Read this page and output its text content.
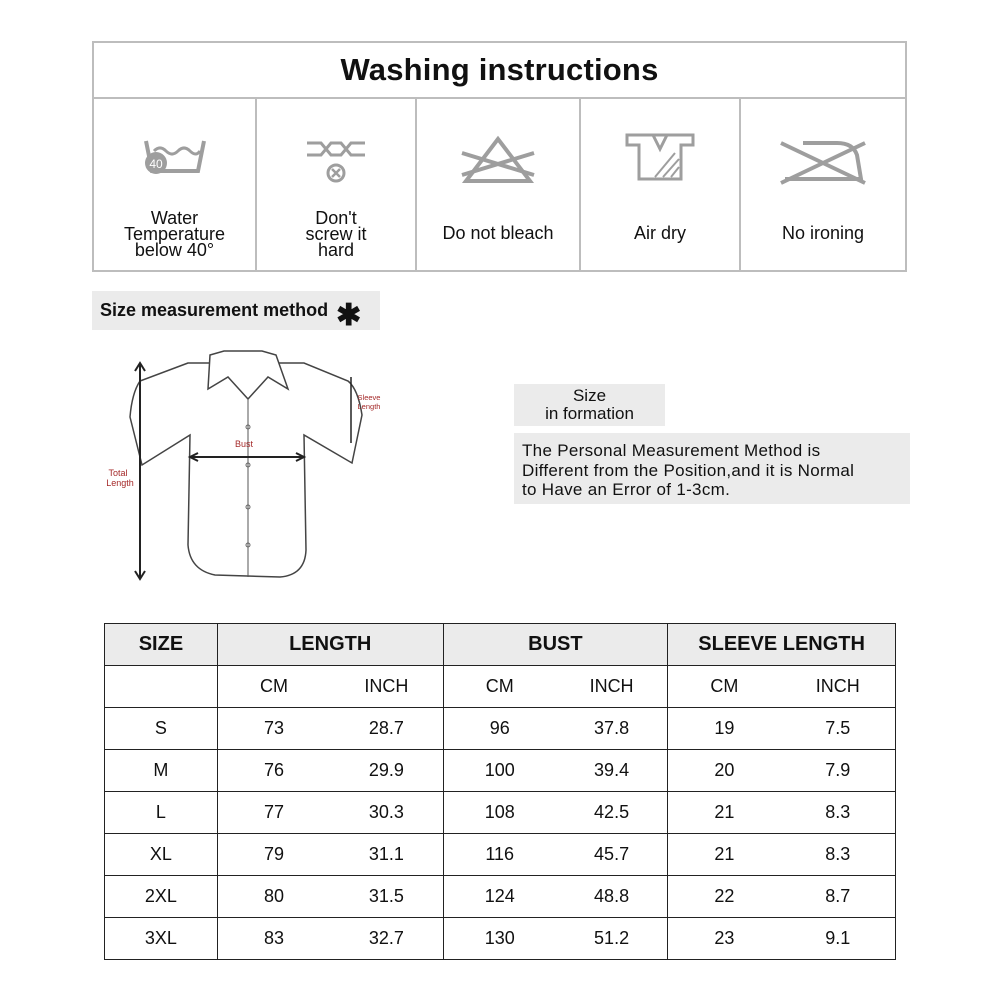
Washing instructions
40
Water
Temperature
below 40°
Don't
screw it
hard
Do not bleach	Air dry	No ironing
Size measurement method ✱
Total
Length
Bust
Sleeve
Length
Size
in formation
The Personal Measurement Method is
Different from the Position,and it is Normal
to Have an Error of 1-3cm.
SIZE	LENGTH		BUST		SLEEVE LENGTH	
	CM	INCH	CM	INCH	CM	INCH
S	73	28.7	96	37.8	19	7.5
M	76	29.9	100	39.4	20	7.9
L	77	30.3	108	42.5	21	8.3
XL	79	31.1	116	45.7	21	8.3
2XL	80	31.5	124	48.8	22	8.7
3XL	83	32.7	130	51.2	23	9.1
